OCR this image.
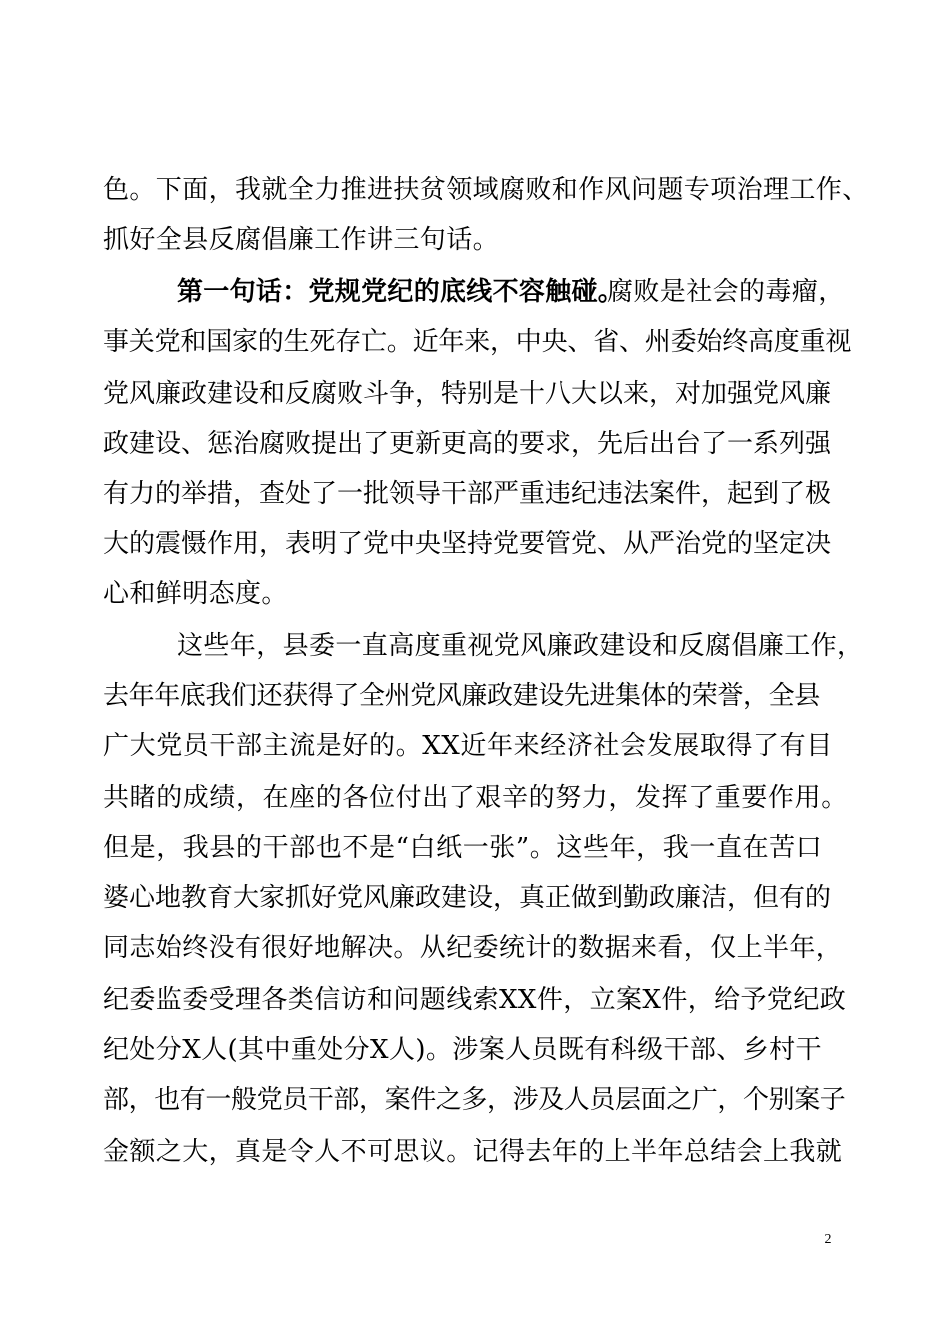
色。下面，我就全力推进扶贫领域腐败和作风问题专项治理工作、
抓好全县反腐倡廉工作讲三句话。
第一句话：党规党纪的底线不容触碰。
腐败是社会的毒瘤，
事关党和国家的生死存亡。近年来，中央、省、州委始终高度重视
党风廉政建设和反腐败斗争，特别是十八大以来，对加强党风廉
政建设、惩治腐败提出了更新更高的要求，先后出台了一系列强
有力的举措，查处了一批领导干部严重违纪违法案件，起到了极
大的震慑作用，表明了党中央坚持党要管党、从严治党的坚定决
心和鲜明态度。
这些年，县委一直高度重视党风廉政建设和反腐倡廉工作，
去年年底我们还获得了全州党风廉政建设先进集体的荣誉，全县
广大党员干部主流是好的。XX近年来经济社会发展取得了有目
共睹的成绩，在座的各位付出了艰辛的努力，发挥了重要作用。
但是，我县的干部也不是“白纸一张”。这些年，我一直在苦口
婆心地教育大家抓好党风廉政建设，真正做到勤政廉洁，但有的
同志始终没有很好地解决。从纪委统计的数据来看，仅上半年，
纪委监委受理各类信访和问题线索XX件，立案X件，给予党纪政
纪处分X人(其中重处分X人)。涉案人员既有科级干部、乡村干
部，也有一般党员干部，案件之多，涉及人员层面之广，个别案子
金额之大，真是令人不可思议。记得去年的上半年总结会上我就
2
